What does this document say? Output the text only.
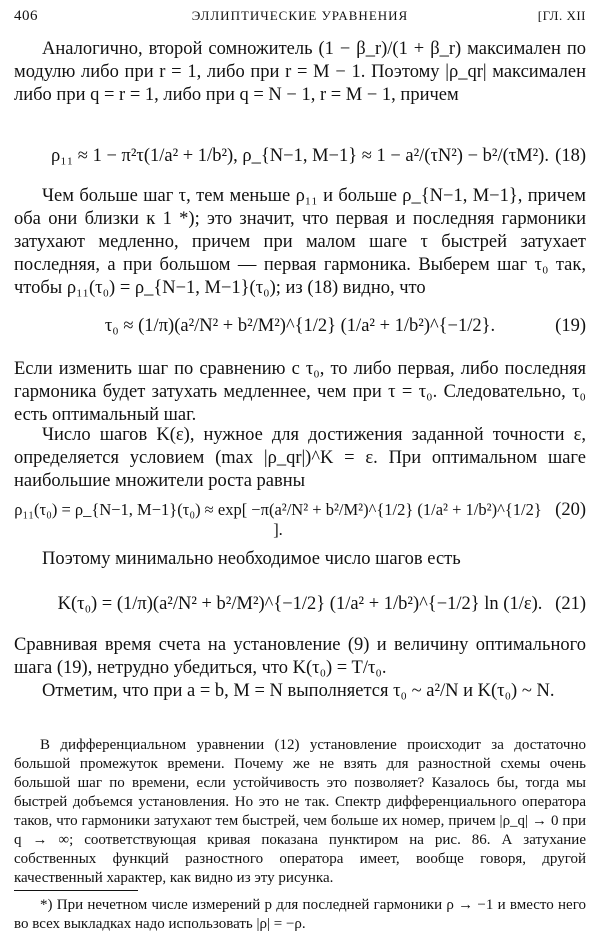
406	ЭЛЛИПТИЧЕСКИЕ УРАВНЕНИЯ	[ГЛ. XII
Аналогично, второй сомножитель (1 − β_r)/(1 + β_r) максимален по модулю либо при r = 1, либо при r = M − 1. Поэтому |ρ_qr| максимален либо при q = r = 1, либо при q = N − 1, r = M − 1, причем
ρ₁₁ ≈ 1 − π²τ(1/a² + 1/b²), ρ_{N−1, M−1} ≈ 1 − a²/(τN²) − b²/(τM²). (18)
Чем больше шаг τ, тем меньше ρ₁₁ и больше ρ_{N−1, M−1}, причем оба они близки к 1 *); это значит, что первая и последняя гармоники затухают медленно, причем при малом шаге τ быстрей затухает последняя, а при большом — первая гармоника. Выберем шаг τ₀ так, чтобы ρ₁₁(τ₀) = ρ_{N−1, M−1}(τ₀); из (18) видно, что
τ₀ ≈ (1/π)(a²/N² + b²/M²)^{1/2} (1/a² + 1/b²)^{−1/2}.	(19)
Если изменить шаг по сравнению с τ₀, то либо первая, либо последняя гармоника будет затухать медленнее, чем при τ = τ₀. Следовательно, τ₀ есть оптимальный шаг.
Число шагов K(ε), нужное для достижения заданной точности ε, определяется условием (max |ρ_qr|)^K = ε. При оптимальном шаге наибольшие множители роста равны
ρ₁₁(τ₀) = ρ_{N−1, M−1}(τ₀) ≈ exp[ −π(a²/N² + b²/M²)^{1/2} (1/a² + 1/b²)^{1/2} ].
(20)
Поэтому минимально необходимое число шагов есть
K(τ₀) = (1/π)(a²/N² + b²/M²)^{−1/2} (1/a² + 1/b²)^{−1/2} ln (1/ε). (21)
Сравнивая время счета на установление (9) и величину оптимального шага (19), нетрудно убедиться, что K(τ₀) = T/τ₀.
Отметим, что при a = b, M = N выполняется τ₀ ~ a²/N и K(τ₀) ~ N.
В дифференциальном уравнении (12) установление происходит за достаточно большой промежуток времени. Почему же не взять для разностной схемы очень большой шаг по времени, если устойчивость это позволяет? Казалось бы, тогда мы быстрей добъемся установления. Но это не так. Спектр дифференциального оператора таков, что гармоники затухают тем быстрей, чем больше их номер, причем |ρ_q| → 0 при q → ∞; соответствующая кривая показана пунктиром на рис. 86. А затухание собственных функций разностного оператора имеет, вообще говоря, другой качественный характер, как видно из эту рисунка.
*) При нечетном числе измерений p для последней гармоники ρ → −1 и вместо него во всех выкладках надо использовать |ρ| = −ρ.
